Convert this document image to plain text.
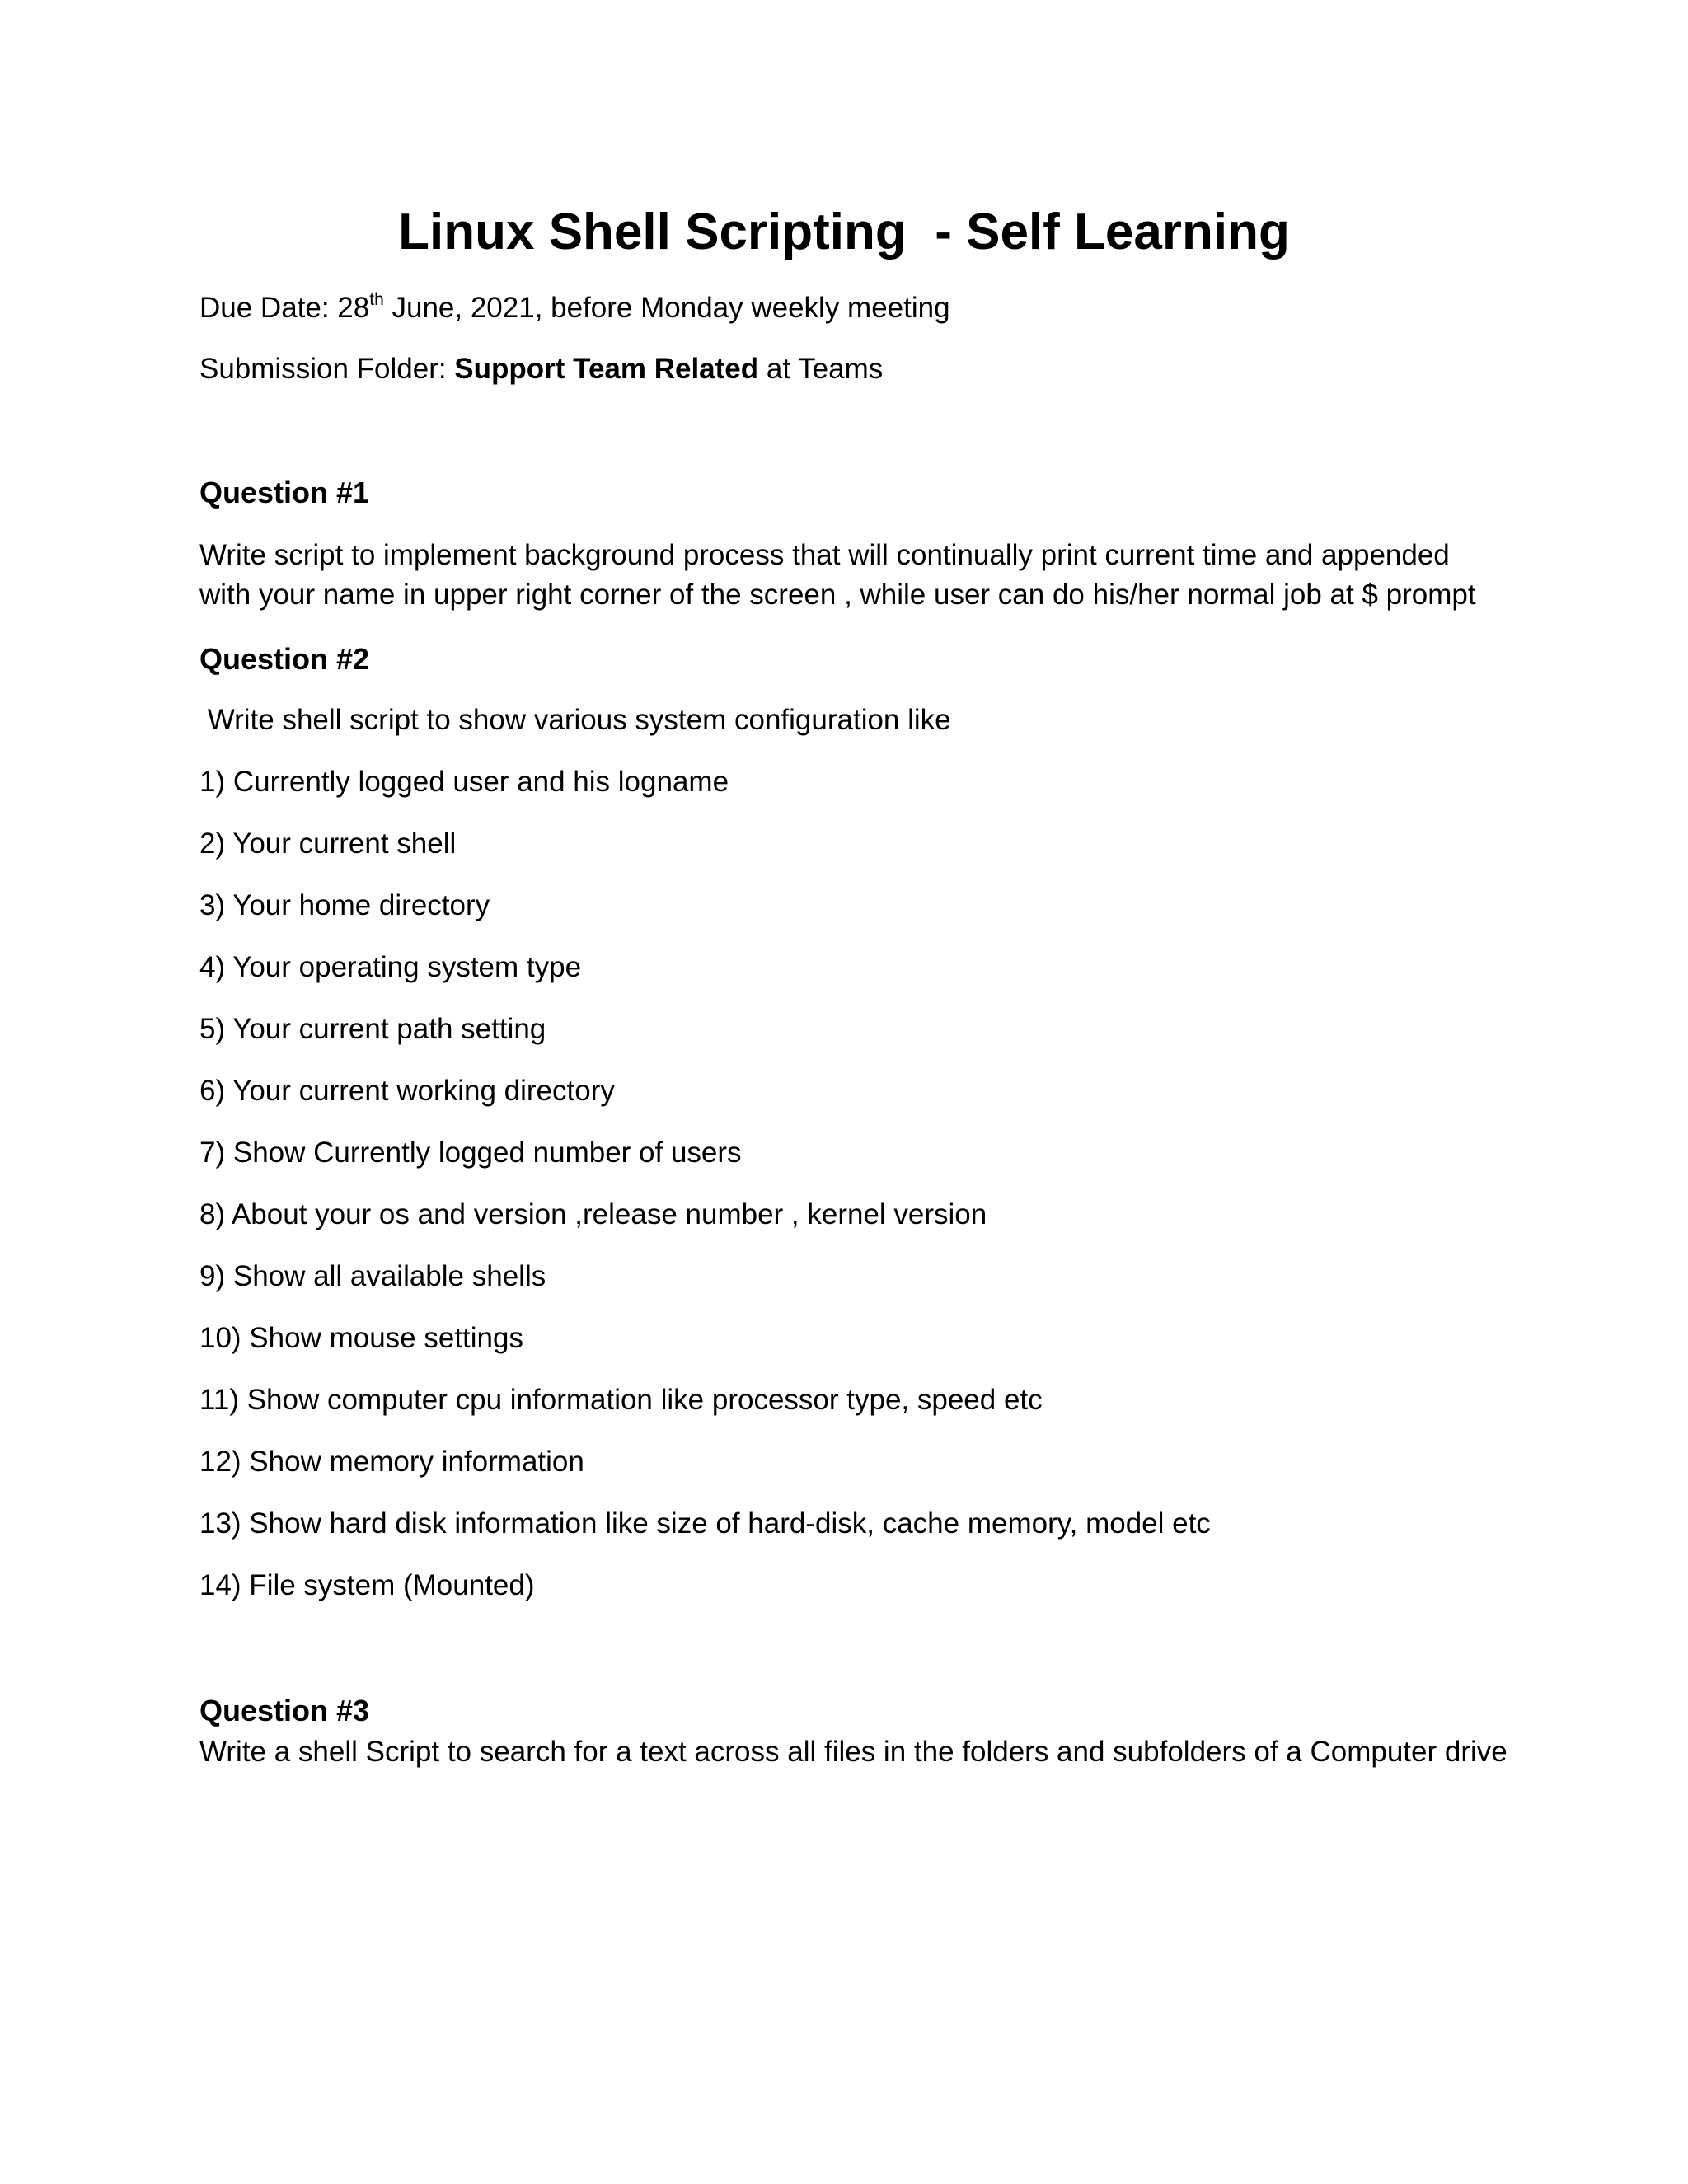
Linux Shell Scripting  - Self Learning
Due Date: 28th June, 2021, before Monday weekly meeting
Submission Folder: Support Team Related at Teams
Question #1
Write script to implement background process that will continually print current time and appended
with your name in upper right corner of the screen , while user can do his/her normal job at $ prompt
Question #2
Write shell script to show various system configuration like
1) Currently logged user and his logname
2) Your current shell
3) Your home directory
4) Your operating system type
5) Your current path setting
6) Your current working directory
7) Show Currently logged number of users
8) About your os and version ,release number , kernel version
9) Show all available shells
10) Show mouse settings
11) Show computer cpu information like processor type, speed etc
12) Show memory information
13) Show hard disk information like size of hard-disk, cache memory, model etc
14) File system (Mounted)
Question #3
Write a shell Script to search for a text across all files in the folders and subfolders of a Computer drive
